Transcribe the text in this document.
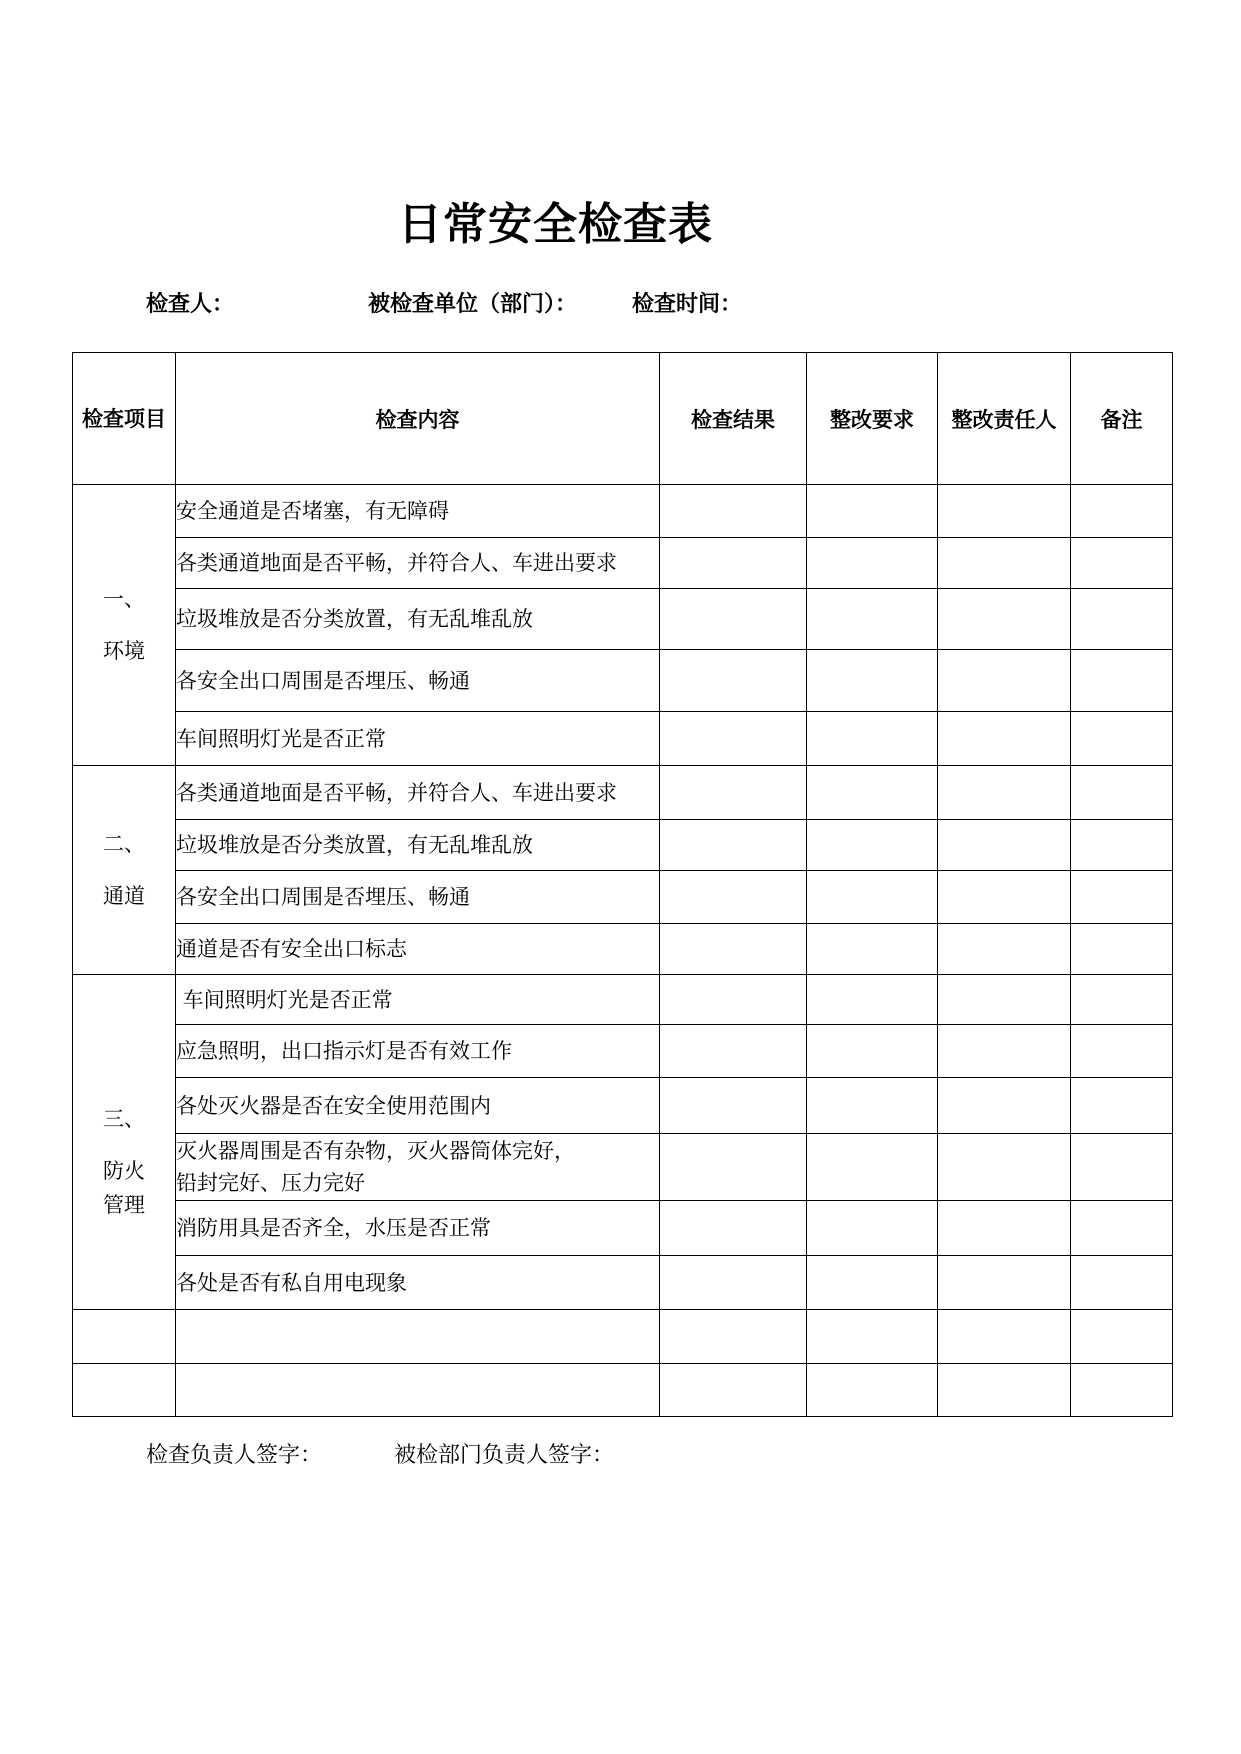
日常安全检查表
检查人：	被检查单位（部门）： 检查时间：
检查项目	检查内容	检查结果	整改要求	整改责任人	备注

一、
环境	安全通道是否堵塞，有无障碍				
	各类通道地面是否平畅，并符合人、车进出要求				
	垃圾堆放是否分类放置，有无乱堆乱放				
	各安全出口周围是否埋压、畅通				
	车间照明灯光是否正常				

二、
通道	各类通道地面是否平畅，并符合人、车进出要求				
	垃圾堆放是否分类放置，有无乱堆乱放				
	各安全出口周围是否埋压、畅通				
	通道是否有安全出口标志				

三、
防火
管理	车间照明灯光是否正常				
	应急照明，出口指示灯是否有效工作				
	各处灭火器是否在安全使用范围内				

	灭火器周围是否有杂物，灭火器筒体完好，
铅封完好、压力完好				

	消防用具是否齐全，水压是否正常				
	各处是否有私自用电现象				

检查负责人签字：	被检部门负责人签字：
